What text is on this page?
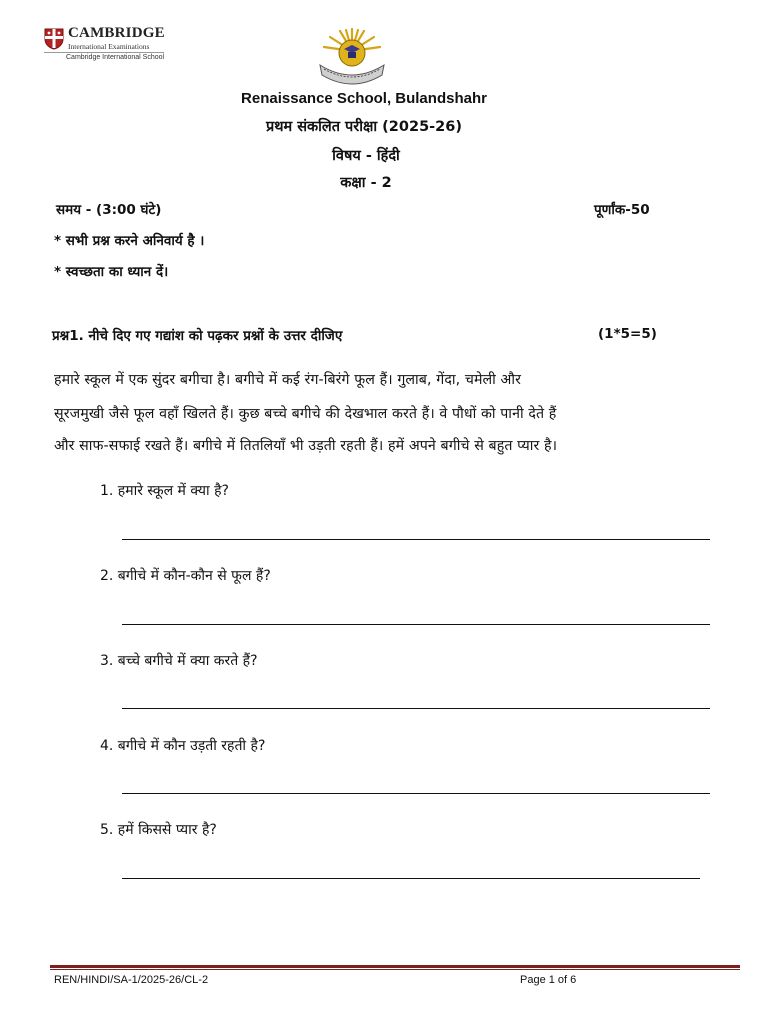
CAMBRIDGE
International Examinations
Cambridge International School
Renaissance School, Bulandshahr
प्रथम संकलित परीक्षा (2025-26)
विषय - हिंदी
कक्षा - 2
समय - (3:00 घंटे)	पूर्णांक-50
* सभी प्रश्न करने अनिवार्य है ।
* स्वच्छता का ध्यान दें।
प्रश्न1. नीचे दिए गए गद्यांश को पढ़कर प्रश्नों के उत्तर दीजिए	(1*5=5)
हमारे स्कूल में एक सुंदर बगीचा है। बगीचे में कई रंग-बिरंगे फूल हैं। गुलाब, गेंदा, चमेली और
सूरजमुखी जैसे फूल वहाँ खिलते हैं। कुछ बच्चे बगीचे की देखभाल करते हैं। वे पौधों को पानी देते हैं
और साफ-सफाई रखते हैं। बगीचे में तितलियाँ भी उड़ती रहती हैं। हमें अपने बगीचे से बहुत प्यार है।
1. हमारे स्कूल में क्या है?
2. बगीचे में कौन-कौन से फूल हैं?
3. बच्चे बगीचे में क्या करते हैं?
4. बगीचे में कौन उड़ती रहती है?
5. हमें किससे प्यार है?
REN/HINDI/SA-1/2025-26/CL-2	Page 1 of 6
